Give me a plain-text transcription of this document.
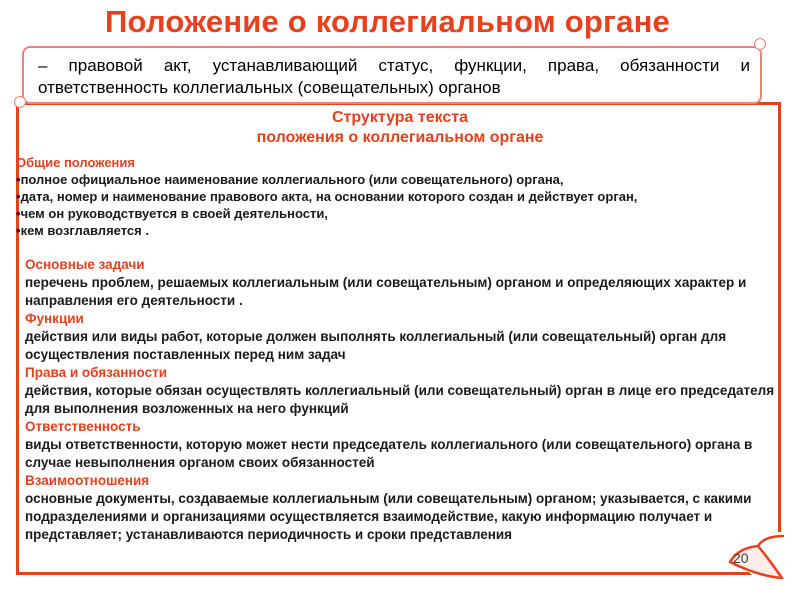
Положение о коллегиальном органе
20
– правовой акт, устанавливающий статус, функции, права, обязанности и ответственность коллегиальных (совещательных) органов
Структура текста
положения о коллегиальном органе
Общие положения
• полное официальное наименование коллегиального (или совещательного) органа,
• дата, номер и наименование правового акта, на основании которого создан и действует орган,
• чем он руководствуется в своей деятельности,
• кем возглавляется .
Основные задачи
перечень проблем, решаемых коллегиальным (или совещательным) органом и определяющих характер и направления его деятельности .
Функции
действия или виды работ, которые должен выполнять коллегиальный (или совещательный) орган для осуществления поставленных перед ним задач
Права и обязанности
действия, которые обязан осуществлять коллегиальный (или совещательный) орган в лице его председателя для выполнения возложенных на него функций
Ответственность
виды ответственности, которую может нести председатель коллегиального (или совещательного) органа в случае невыполнения органом своих обязанностей
Взаимоотношения
основные документы, создаваемые коллегиальным (или совещательным) органом; указывается, с какими подразделениями и организациями осуществляется взаимодействие, какую информацию получает и представляет; устанавливаются периодичность и сроки представления
